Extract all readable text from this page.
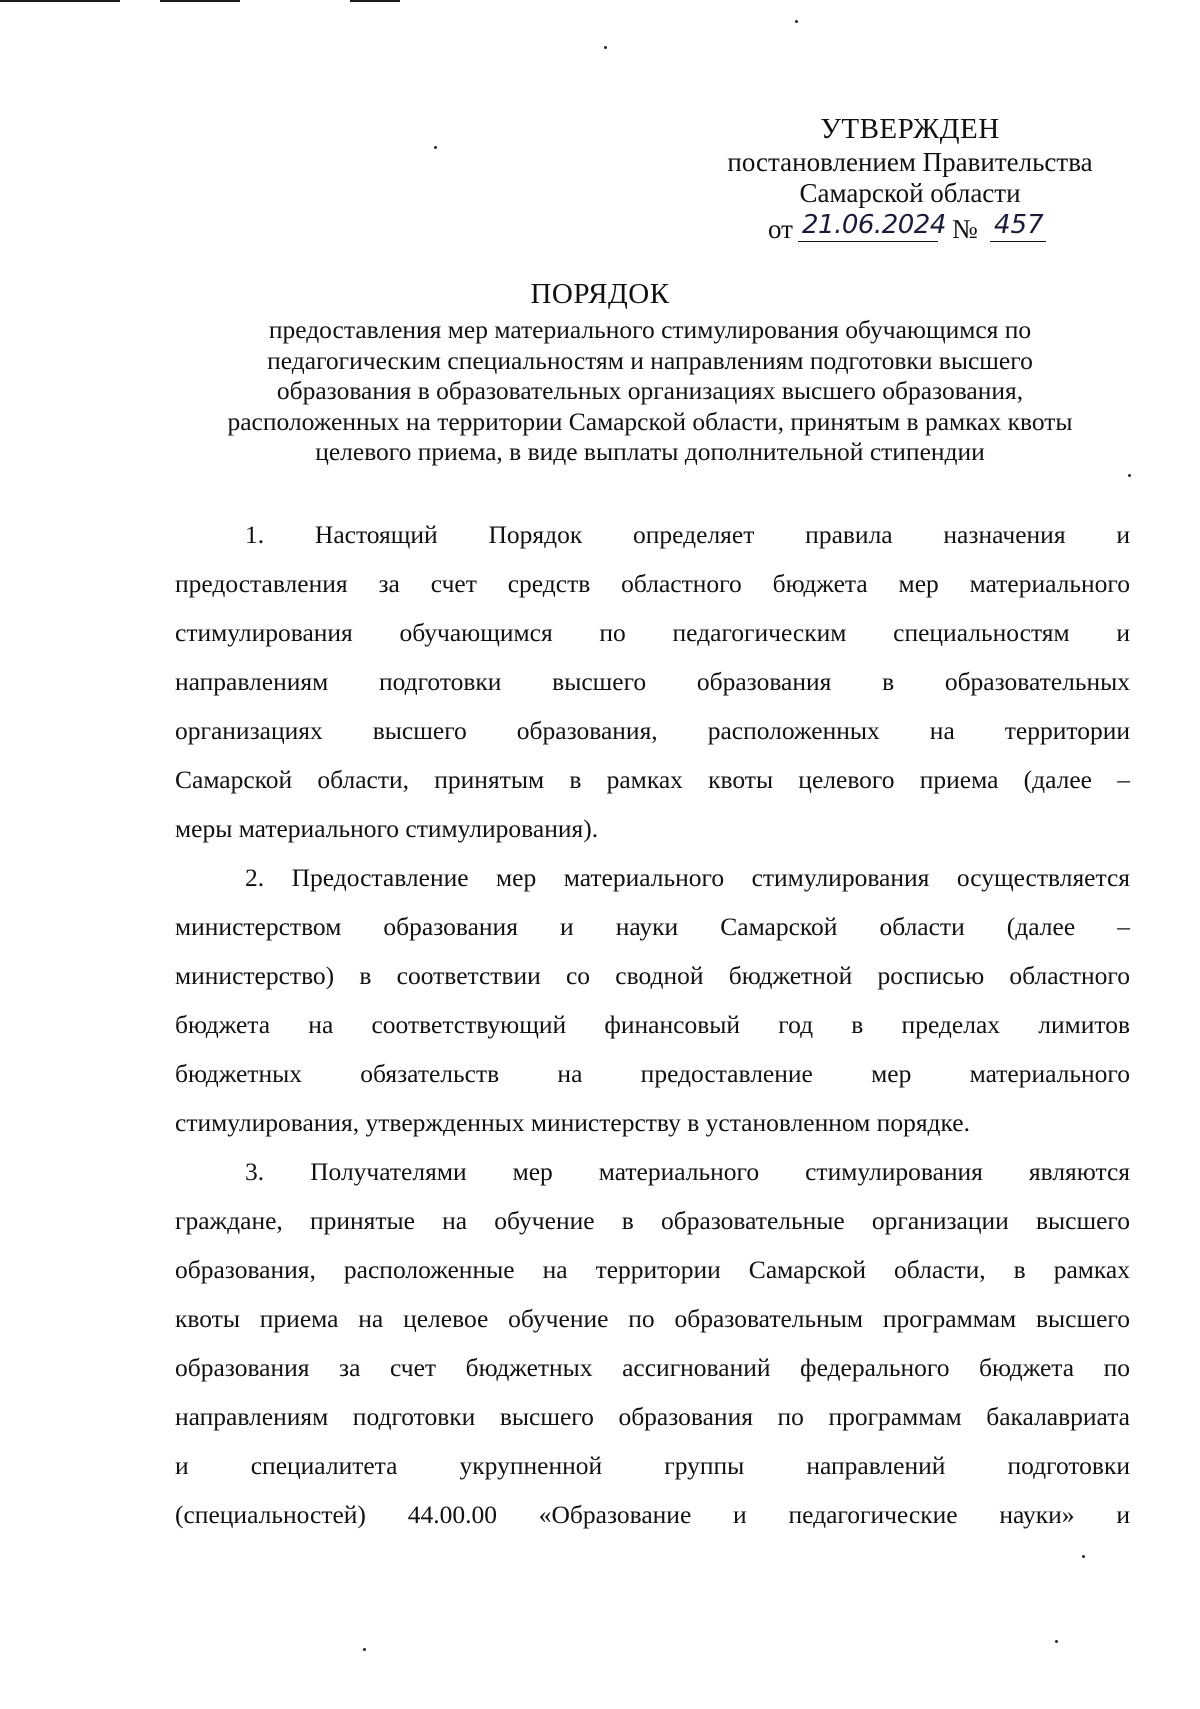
УТВЕРЖДЕН
постановлением Правительства
Самарской области
от 21.06.2024 № 457
ПОРЯДОК
предоставления мер материального стимулирования обучающимся по
педагогическим специальностям и направлениям подготовки высшего
образования в образовательных организациях высшего образования,
расположенных на территории Самарской области, принятым в рамках квоты
целевого приема, в виде выплаты дополнительной стипендии
1. Настоящий Порядок определяет правила назначения и
предоставления за счет средств областного бюджета мер материального
стимулирования обучающимся по педагогическим специальностям и
направлениям подготовки высшего образования в образовательных
организациях высшего образования, расположенных на территории
Самарской области, принятым в рамках квоты целевого приема (далее –
меры материального стимулирования).
2. Предоставление мер материального стимулирования осуществляется
министерством образования и науки Самарской области (далее –
министерство) в соответствии со сводной бюджетной росписью областного
бюджета на соответствующий финансовый год в пределах лимитов
бюджетных обязательств на предоставление мер материального
стимулирования, утвержденных министерству в установленном порядке.
3. Получателями мер материального стимулирования являются
граждане, принятые на обучение в образовательные организации высшего
образования, расположенные на территории Самарской области, в рамках
квоты приема на целевое обучение по образовательным программам высшего
образования за счет бюджетных ассигнований федерального бюджета по
направлениям подготовки высшего образования по программам бакалавриата
и специалитета укрупненной группы направлений подготовки
(специальностей) 44.00.00 «Образование и педагогические науки» и
